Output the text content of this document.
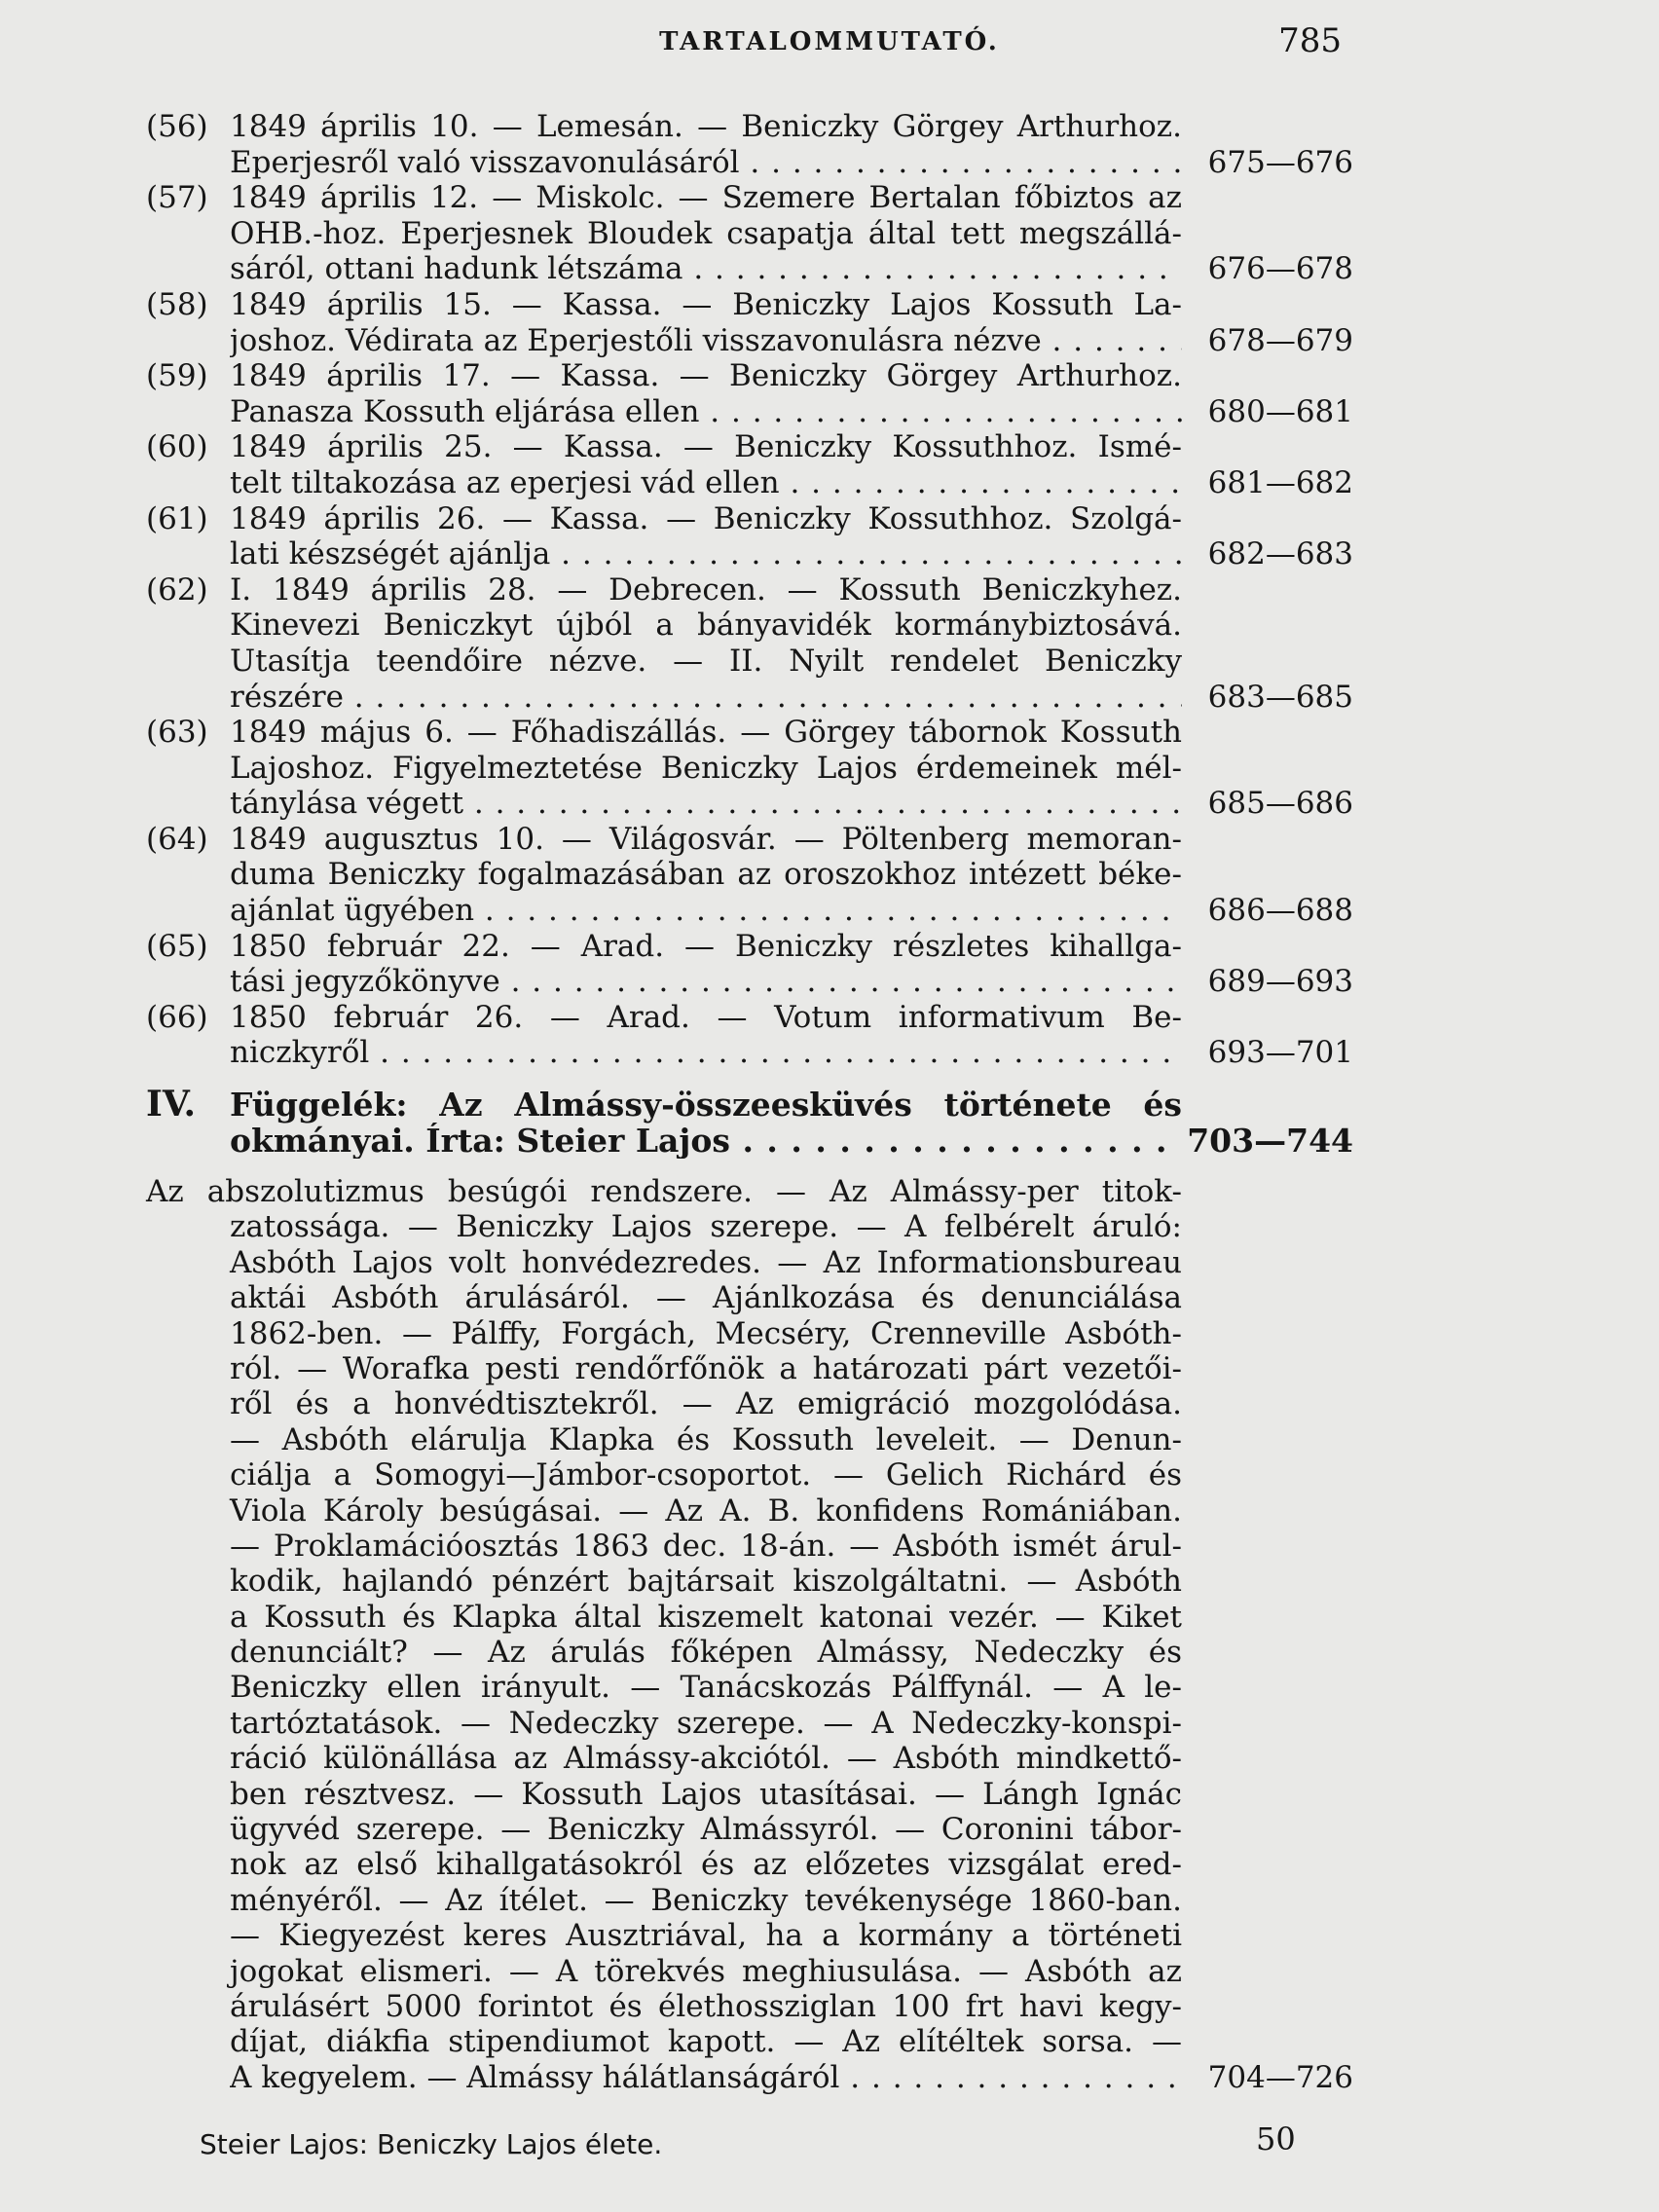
TARTALOMMUTATÓ.	785
(56) 1849 április 10. — Lemesán. — Beniczky Görgey Arthurhoz.
Eperjesről való visszavonulásáról . . .	675—676
(57) 1849 április 12. — Miskolc. — Szemere Bertalan főbiztos az
OHB.-hoz. Eperjesnek Bloudek csapatja által tett megszállá-
sáról, ottani hadunk létszáma . . .	676—678
(58) 1849 április 15. — Kassa. — Beniczky Lajos Kossuth La-
joshoz. Védirata az Eperjestőli visszavonulásra nézve . . .	678—679
(59) 1849 április 17. — Kassa. — Beniczky Görgey Arthurhoz.
Panasza Kossuth eljárása ellen . . .	680—681
(60) 1849 április 25. — Kassa. — Beniczky Kossuthhoz. Ismé-
telt tiltakozása az eperjesi vád ellen . . .	681—682
(61) 1849 április 26. — Kassa. — Beniczky Kossuthhoz. Szolgá-
lati készségét ajánlja . . .	682—683
(62) I. 1849 április 28. — Debrecen. — Kossuth Beniczkyhez.
Kinevezi Beniczkyt újból a bányavidék kormánybiztosává.
Utasítja teendőire nézve. — II. Nyilt rendelet Beniczky
részére . . .	683—685
(63) 1849 május 6. — Főhadiszállás. — Görgey tábornok Kossuth
Lajoshoz. Figyelmeztetése Beniczky Lajos érdemeinek mél-
tánylása végett . . .	685—686
(64) 1849 augusztus 10. — Világosvár. — Pöltenberg memoran-
duma Beniczky fogalmazásában az oroszokhoz intézett béke-
ajánlat ügyében . . .	686—688
(65) 1850 február 22. — Arad. — Beniczky részletes kihallga-
tási jegyzőkönyve . . .	689—693
(66) 1850 február 26. — Arad. — Votum informativum Be-
niczkyről . . .	693—701
IV. Függelék: Az Almássy-összeesküvés története és
okmányai. Írta: Steier Lajos . . .	703—744
Az abszolutizmus besúgói rendszere. — Az Almássy-per titok-
zatossága. — Beniczky Lajos szerepe. — A felbérelt áruló:
Asbóth Lajos volt honvédezredes. — Az Informationsbureau
aktái Asbóth árulásáról. — Ajánlkozása és denunciálása
1862-ben. — Pálffy, Forgách, Mecséry, Crenneville Asbóth-
ról. — Worafka pesti rendőrfőnök a határozati párt vezetői-
ről és a honvédtisztekről. — Az emigráció mozgolódása.
— Asbóth elárulja Klapka és Kossuth leveleit. — Denun-
ciálja a Somogyi—Jámbor-csoportot. — Gelich Richárd és
Viola Károly besúgásai. — Az A. B. konfidens Romániában.
— Proklamációosztás 1863 dec. 18-án. — Asbóth ismét árul-
kodik, hajlandó pénzért bajtársait kiszolgáltatni. — Asbóth
a Kossuth és Klapka által kiszemelt katonai vezér. — Kiket
denunciált? — Az árulás főképen Almássy, Nedeczky és
Beniczky ellen irányult. — Tanácskozás Pálffynál. — A le-
tartóztatások. — Nedeczky szerepe. — A Nedeczky-konspi-
ráció különállása az Almássy-akciótól. — Asbóth mindkettő-
ben résztvesz. — Kossuth Lajos utasításai. — Lángh Ignác
ügyvéd szerepe. — Beniczky Almássyról. — Coronini tábor-
nok az első kihallgatásokról és az előzetes vizsgálat ered-
ményéről. — Az ítélet. — Beniczky tevékenysége 1860-ban.
— Kiegyezést keres Ausztriával, ha a kormány a történeti
jogokat elismeri. — A törekvés meghiusulása. — Asbóth az
árulásért 5000 forintot és élethossziglan 100 frt havi kegy-
díjat, diákfia stipendiumot kapott. — Az elítéltek sorsa. —
A kegyelem. — Almássy hálátlanságáról . . .	704—726
Steier Lajos: Beniczky Lajos élete.	50
